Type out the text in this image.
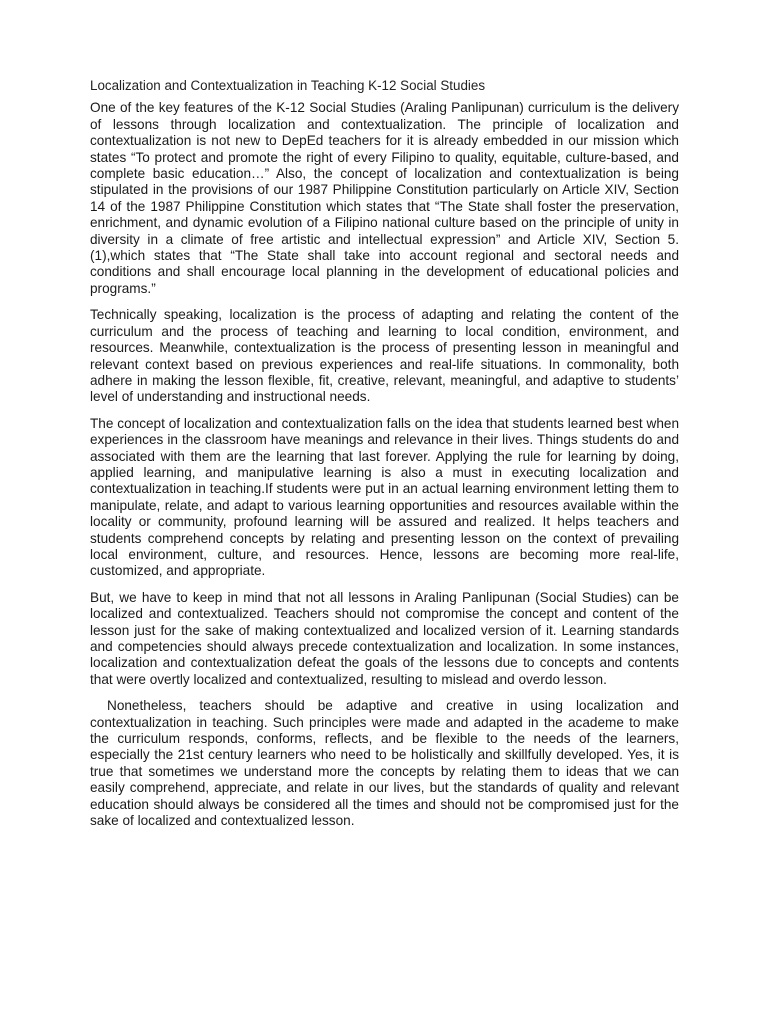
Localization and Contextualization in Teaching K-12 Social Studies

One of the key features of the K-12 Social Studies (Araling Panlipunan) curriculum is the delivery of lessons through localization and contextualization. The principle of localization and contextualization is not new to DepEd teachers for it is already embedded in our mission which states “To protect and promote the right of every Filipino to quality, equitable, culture-based, and complete basic education…” Also, the concept of localization and contextualization is being stipulated in the provisions of our 1987 Philippine Constitution particularly on Article XIV, Section 14 of the 1987 Philippine Constitution which states that “The State shall foster the preservation, enrichment, and dynamic evolution of a Filipino national culture based on the principle of unity in diversity in a climate of free artistic and intellectual expression” and Article XIV, Section 5. (1),which states that “The State shall take into account regional and sectoral needs and conditions and shall encourage local planning in the development of educational policies and programs.”

Technically speaking, localization is the process of adapting and relating the content of the curriculum and the process of teaching and learning to local condition, environment, and resources. Meanwhile, contextualization is the process of presenting lesson in meaningful and relevant context based on previous experiences and real-life situations. In commonality, both adhere in making the lesson flexible, fit, creative, relevant, meaningful, and adaptive to students’ level of understanding and instructional needs.

The concept of localization and contextualization falls on the idea that students learned best when experiences in the classroom have meanings and relevance in their lives. Things students do and associated with them are the learning that last forever. Applying the rule for learning by doing, applied learning, and manipulative learning is also a must in executing localization and contextualization in teaching.If students were put in an actual learning environment letting them to manipulate, relate, and adapt to various learning opportunities and resources available within the locality or community, profound learning will be assured and realized. It helps teachers and students comprehend concepts by relating and presenting lesson on the context of prevailing local environment, culture, and resources. Hence, lessons are becoming more real-life, customized, and appropriate.

But, we have to keep in mind that not all lessons in Araling Panlipunan (Social Studies) can be localized and contextualized. Teachers should not compromise the concept and content of the lesson just for the sake of making contextualized and localized version of it. Learning standards and competencies should always precede contextualization and localization. In some instances, localization and contextualization defeat the goals of the lessons due to concepts and contents that were overtly localized and contextualized, resulting to mislead and overdo lesson.

Nonetheless, teachers should be adaptive and creative in using localization and contextualization in teaching. Such principles were made and adapted in the academe to make the curriculum responds, conforms, reflects, and be flexible to the needs of the learners, especially the 21st century learners who need to be holistically and skillfully developed. Yes, it is true that sometimes we understand more the concepts by relating them to ideas that we can easily comprehend, appreciate, and relate in our lives, but the standards of quality and relevant education should always be considered all the times and should not be compromised just for the sake of localized and contextualized lesson.
